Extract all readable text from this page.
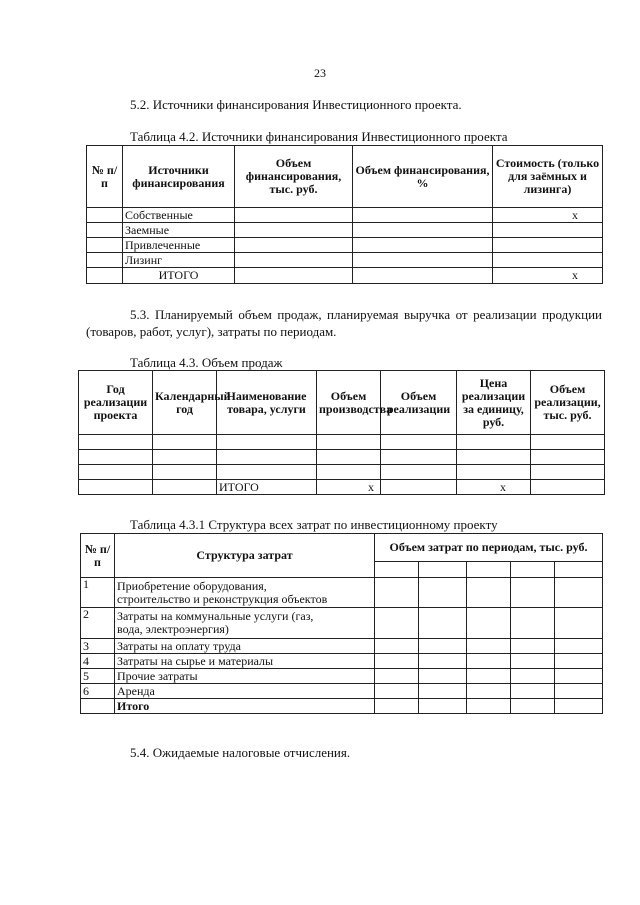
23
5.2. Источники финансирования Инвестиционного проекта.
Таблица 4.2. Источники финансирования Инвестиционного проекта
№ п/п	Источники финансирования	Объем финансирования, тыс. руб.	Объем финансирования, %	Стоимость (только для заёмных и лизинга)
	Собственные			х
	Заемные			
	Привлеченные			
	Лизинг			
	ИТОГО			х
5.3. Планируемый объем продаж, планируемая выручка от реализации продукции (товаров, работ, услуг), затраты по периодам.
Таблица 4.3. Объем продаж
Год реализации проекта	Календарный год	Наименование товара, услуги	Объем производства	Объем реализации	Цена реализации за единицу, руб.	Объем реализации, тыс. руб.

		ИТОГО	х		х	
Таблица 4.3.1 Структура всех затрат по инвестиционному проекту
№ п/п	Структура затрат	Объем затрат по периодам, тыс. руб.				

1	Приобретение оборудования,
строительство и реконструкция объектов					

2	Затраты на коммунальные услуги (газ,
вода, электроэнергия)					

3	Затраты на оплату труда					
4	Затраты на сырье и материалы					
5	Прочие затраты					
6	Аренда					
	Итого					
5.4. Ожидаемые налоговые отчисления.
